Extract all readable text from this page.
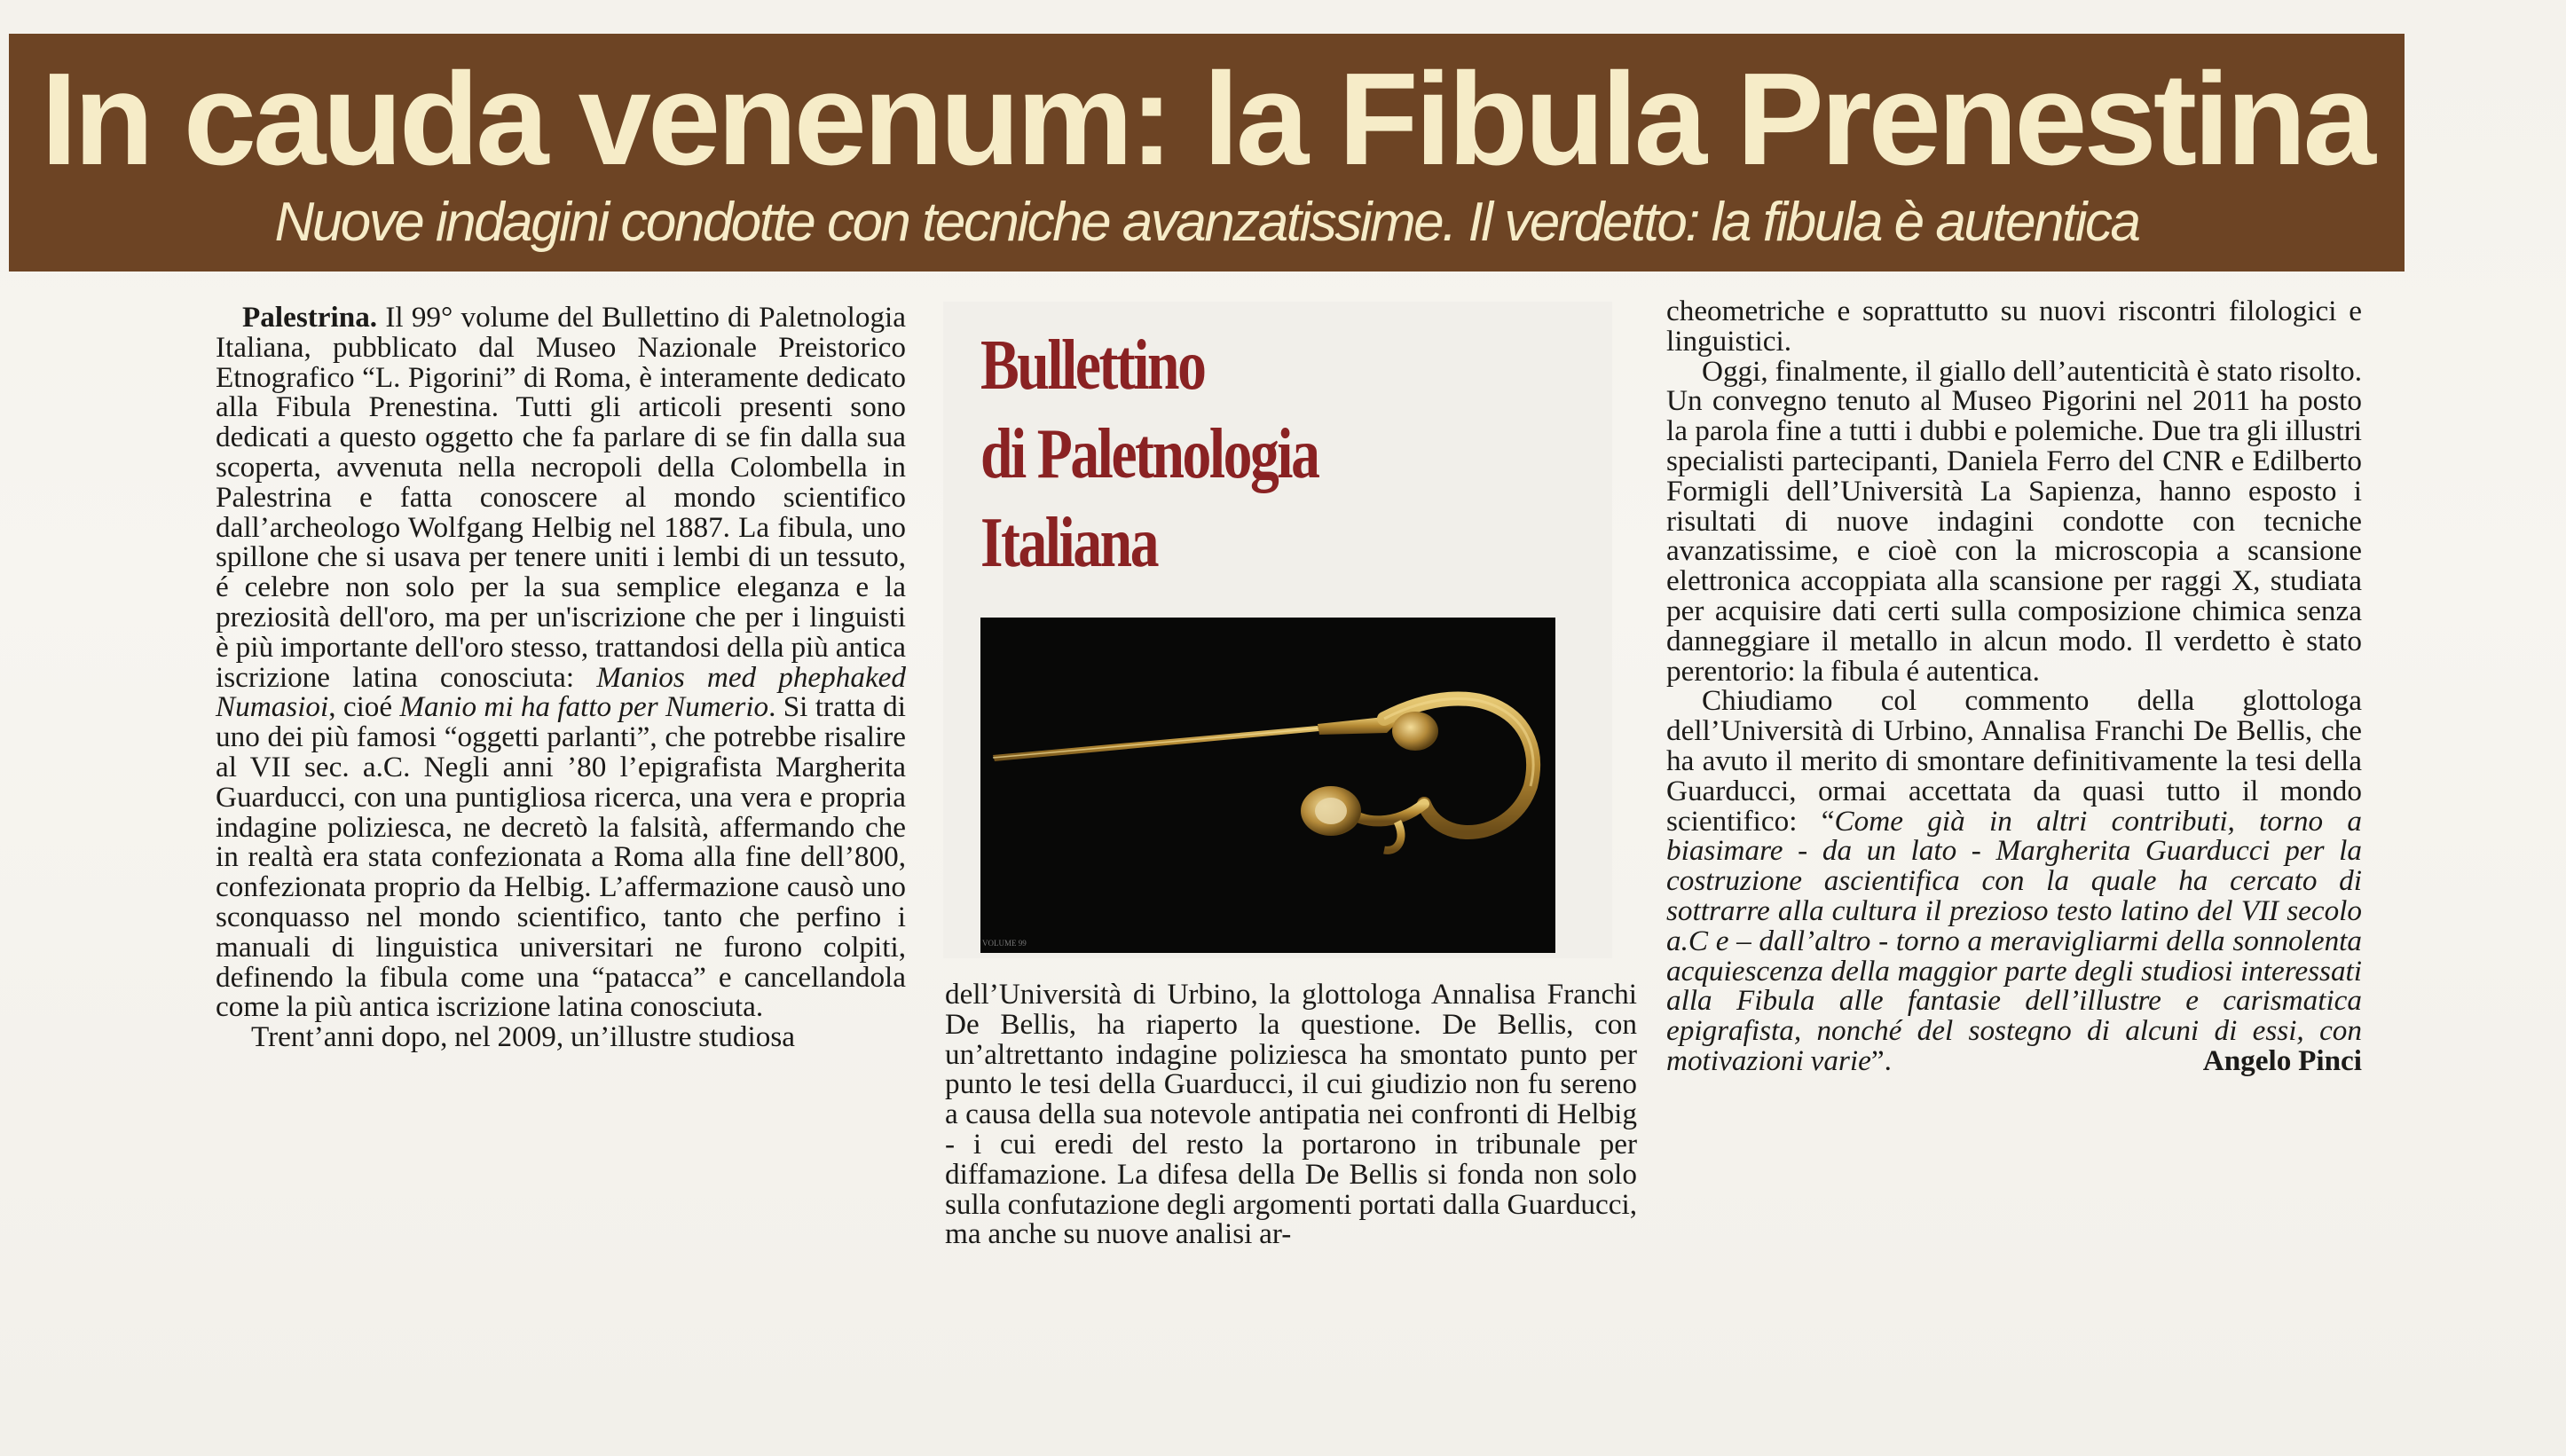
In cauda venenum: la Fibula Prenestina
Nuove indagini condotte con tecniche avanzatissime. Il verdetto: la fibula è autentica

Palestrina. Il 99° volume del Bullettino di Paletnologia Italiana, pubblicato dal Museo Nazionale Preistorico Etnografico “L. Pigorini” di Roma, è interamente dedicato alla Fibula Prenestina. Tutti gli articoli presenti sono dedicati a questo oggetto che fa parlare di se fin dalla sua scoperta, avvenuta nella necropoli della Colombella in Palestrina e fatta conoscere al mondo scientifico dall’archeologo Wolfgang Helbig nel 1887. La fibula, uno spillone che si usava per tenere uniti i lembi di un tessuto, é celebre non solo per la sua semplice eleganza e la preziosità dell'oro, ma per un'iscrizione che per i linguisti è più importante dell'oro stesso, trattandosi della più antica iscrizione latina conosciuta: Manios med phephaked Numasioi, cioé Manio mi ha fatto per Numerio. Si tratta di uno dei più famosi “oggetti parlanti”, che potrebbe risalire al VII sec. a.C. Negli anni ’80 l’epigrafista Margherita Guarducci, con una puntigliosa ricerca, una vera e propria indagine poliziesca, ne decretò la falsità, affermando che in realtà era stata confezionata a Roma alla fine dell’800, confezionata proprio da Helbig. L’affermazione causò uno sconquasso nel mondo scientifico, tanto che perfino i manuali di linguistica universitari ne furono colpiti, definendo la fibula come una “patacca” e cancellandola come la più antica iscrizione latina conosciuta.

Trent’anni dopo, nel 2009, un’illustre studiosa

Bullettino
di Paletnologia
Italiana
VOLUME 99

dell’Università di Urbino, la glottologa Annalisa Franchi De Bellis, ha riaperto la questione. De Bellis, con un’altrettanto indagine poliziesca ha smontato punto per punto le tesi della Guarducci, il cui giudizio non fu sereno a causa della sua notevole antipatia nei confronti di Helbig - i cui eredi del resto la portarono in tribunale per diffamazione. La difesa della De Bellis si fonda non solo sulla confutazione degli argomenti portati dalla Guarducci, ma anche su nuove analisi ar-

cheometriche e soprattutto su nuovi riscontri filologici e linguistici.

Oggi, finalmente, il giallo dell’autenticità è stato risolto. Un convegno tenuto al Museo Pigorini nel 2011 ha posto la parola fine a tutti i dubbi e polemiche. Due tra gli illustri specialisti partecipanti, Daniela Ferro del CNR e Edilberto Formigli dell’Università La Sapienza, hanno esposto i risultati di nuove indagini condotte con tecniche avanzatissime, e cioè con la microscopia a scansione elettronica accoppiata alla scansione per raggi X, studiata per acquisire dati certi sulla composizione chimica senza danneggiare il metallo in alcun modo. Il verdetto è stato perentorio: la fibula é autentica.

Chiudiamo col commento della glottologa dell’Università di Urbino, Annalisa Franchi De Bellis, che ha avuto il merito di smontare definitivamente la tesi della Guarducci, ormai accettata da quasi tutto il mondo scientifico: “Come già in altri contributi, torno a biasimare - da un lato - Margherita Guarducci per la costruzione ascientifica con la quale ha cercato di sottrarre alla cultura il prezioso testo latino del VII secolo a.C e – dall’altro - torno a meravigliarmi della sonnolenta acquiescenza della maggior parte degli studiosi interessati alla Fibula alle fantasie dell’illustre e carismatica epigrafista, nonché del sostegno di alcuni di essi, con motivazioni varie”.	Angelo Pinci
